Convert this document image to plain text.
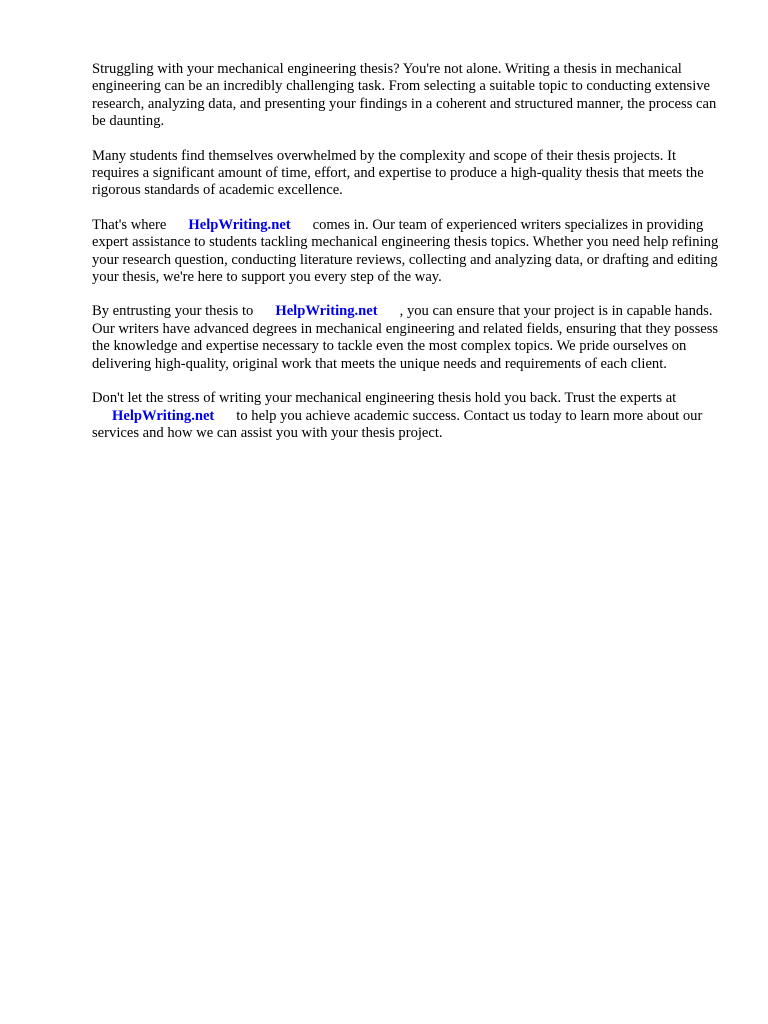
Struggling with your mechanical engineering thesis? You're not alone. Writing a thesis in mechanical engineering can be an incredibly challenging task. From selecting a suitable topic to conducting extensive research, analyzing data, and presenting your findings in a coherent and structured manner, the process can be daunting.

Many students find themselves overwhelmed by the complexity and scope of their thesis projects. It requires a significant amount of time, effort, and expertise to produce a high-quality thesis that meets the rigorous standards of academic excellence.

That's where HelpWriting.net comes in. Our team of experienced writers specializes in providing expert assistance to students tackling mechanical engineering thesis topics. Whether you need help refining your research question, conducting literature reviews, collecting and analyzing data, or drafting and editing your thesis, we're here to support you every step of the way.

By entrusting your thesis to HelpWriting.net , you can ensure that your project is in capable hands. Our writers have advanced degrees in mechanical engineering and related fields, ensuring that they possess the knowledge and expertise necessary to tackle even the most complex topics. We pride ourselves on delivering high-quality, original work that meets the unique needs and requirements of each client.

Don't let the stress of writing your mechanical engineering thesis hold you back. Trust the experts at HelpWriting.net to help you achieve academic success. Contact us today to learn more about our services and how we can assist you with your thesis project.
